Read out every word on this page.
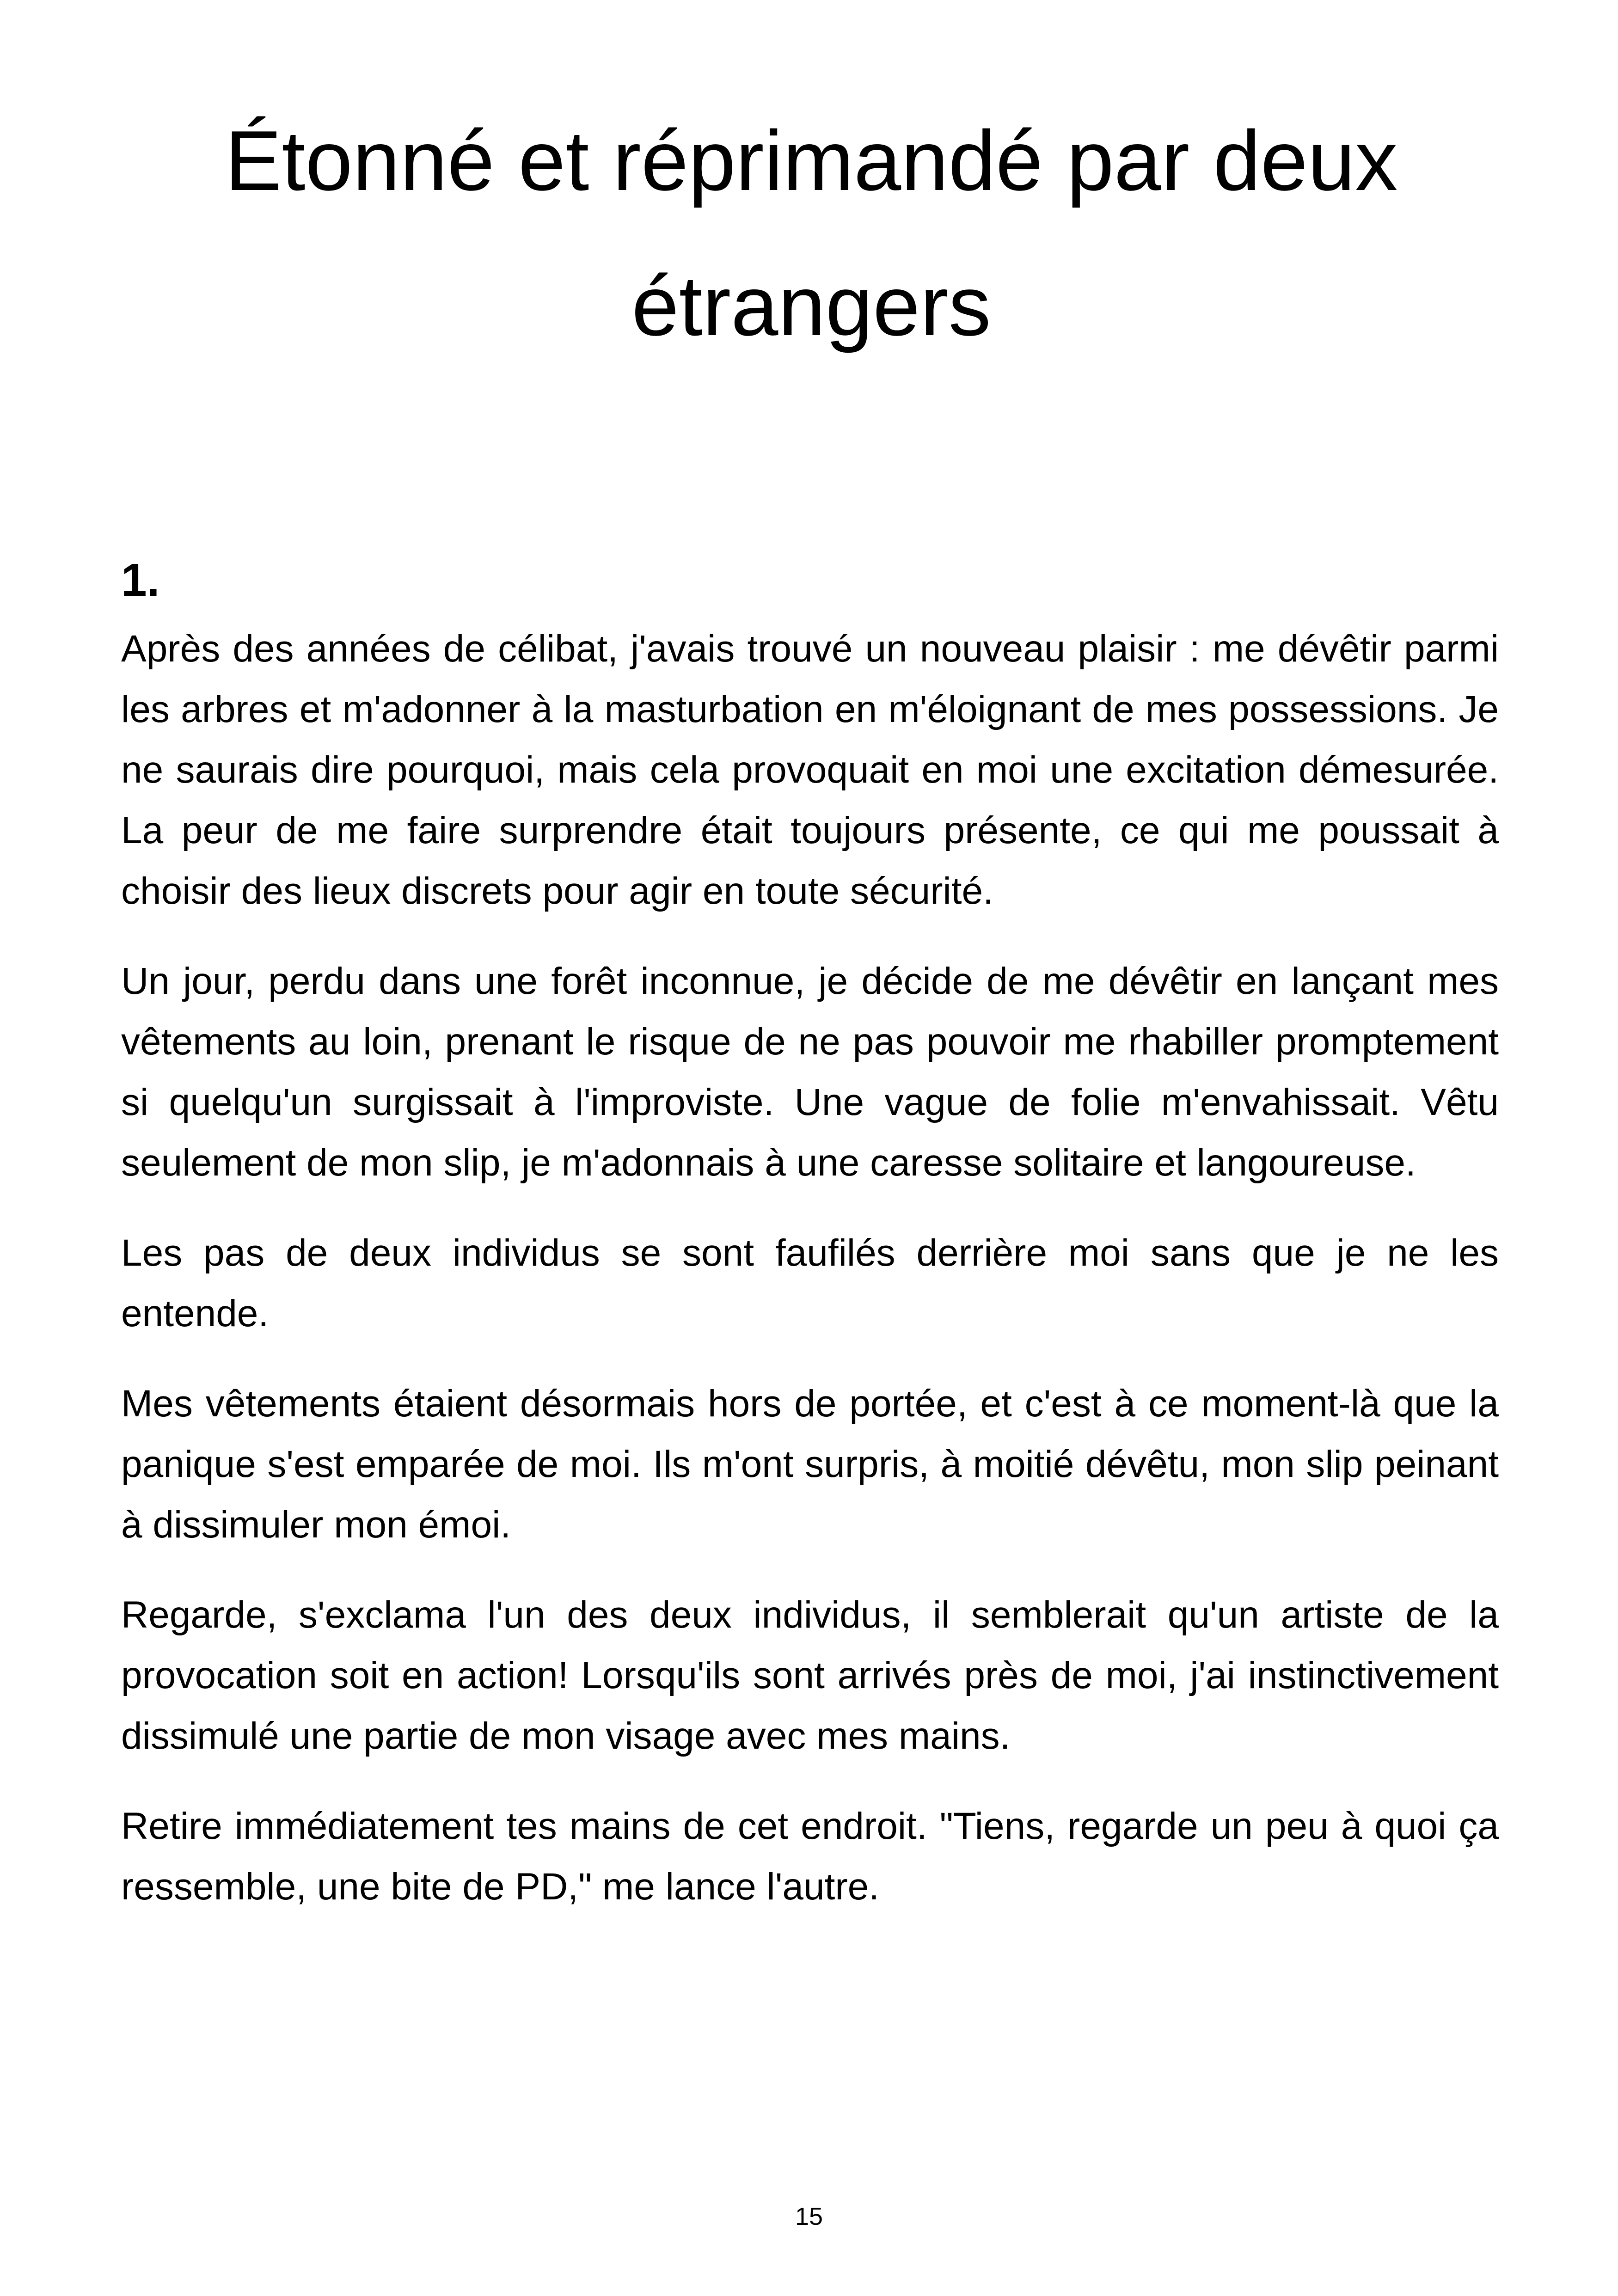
Étonné et réprimandé par deux étrangers
1.

Après des années de célibat, j'avais trouvé un nouveau plaisir : me dévêtir parmi les arbres et m'adonner à la masturbation en m'éloignant de mes possessions. Je ne saurais dire pourquoi, mais cela provoquait en moi une excitation démesurée. La peur de me faire surprendre était toujours présente, ce qui me poussait à choisir des lieux discrets pour agir en toute sécurité.

Un jour, perdu dans une forêt inconnue, je décide de me dévêtir en lançant mes vêtements au loin, prenant le risque de ne pas pouvoir me rhabiller promptement si quelqu'un surgissait à l'improviste. Une vague de folie m'envahissait. Vêtu seulement de mon slip, je m'adonnais à une caresse solitaire et langoureuse.

Les pas de deux individus se sont faufilés derrière moi sans que je ne les entende.

Mes vêtements étaient désormais hors de portée, et c'est à ce moment-là que la panique s'est emparée de moi. Ils m'ont surpris, à moitié dévêtu, mon slip peinant à dissimuler mon émoi.

Regarde, s'exclama l'un des deux individus, il semblerait qu'un artiste de la provocation soit en action! Lorsqu'ils sont arrivés près de moi, j'ai instinctivement dissimulé une partie de mon visage avec mes mains.

Retire immédiatement tes mains de cet endroit. "Tiens, regarde un peu à quoi ça ressemble, une bite de PD," me lance l'autre.

15
